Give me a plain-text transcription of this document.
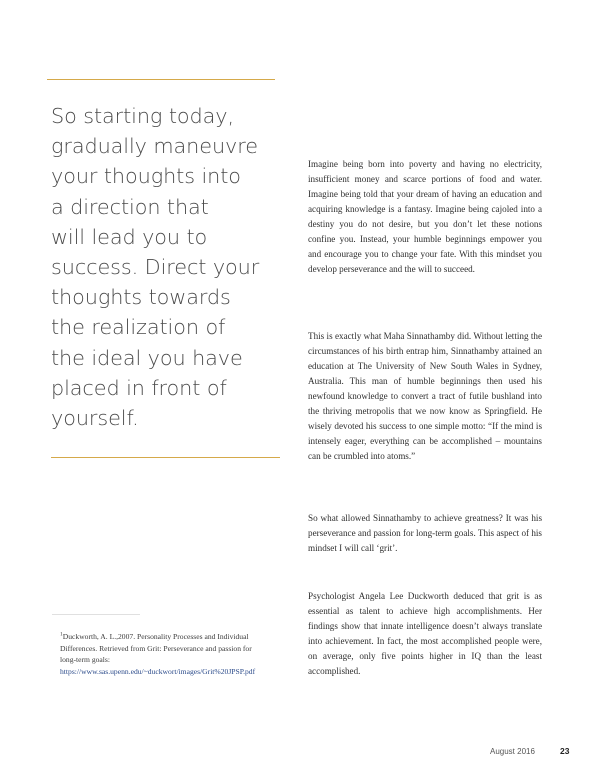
So starting today,
gradually maneuvre
your thoughts into
a direction that
will lead you to
success. Direct your
thoughts towards
the realization of
the ideal you have
placed in front of
yourself.

Imagine being born into poverty and having no electricity, insufficient money and scarce portions of food and water. Imagine being told that your dream of having an education and acquiring knowledge is a fantasy. Imagine being cajoled into a destiny you do not desire, but you don’t let these notions confine you. Instead, your humble beginnings empower you and encourage you to change your fate. With this mindset you develop perseverance and the will to succeed.

This is exactly what Maha Sinnathamby did. Without letting the circumstances of his birth entrap him, Sinnathamby attained an education at The University of New South Wales in Sydney, Australia. This man of humble beginnings then used his newfound knowledge to convert a tract of futile bushland into the thriving metropolis that we now know as Springfield. He wisely devoted his success to one simple motto: “If the mind is intensely eager, everything can be accomplished – mountains can be crumbled into atoms.”

So what allowed Sinnathamby to achieve greatness? It was his perseverance and passion for long-term goals. This aspect of his mindset I will call ‘grit’.

Psychologist Angela Lee Duckworth deduced that grit is as essential as talent to achieve high accomplishments. Her findings show that innate intelligence doesn’t always translate into achievement. In fact, the most accomplished people were, on average, only five points higher in IQ than the least accomplished.

$^1$Duckworth, A. L.,2007. Personality Processes and Individual Differences. Retrieved from Grit: Perseverance and passion for long-term goals:
https://www.sas.upenn.edu/~duckwort/images/Grit%20JPSP.pdf
August 2016	23
